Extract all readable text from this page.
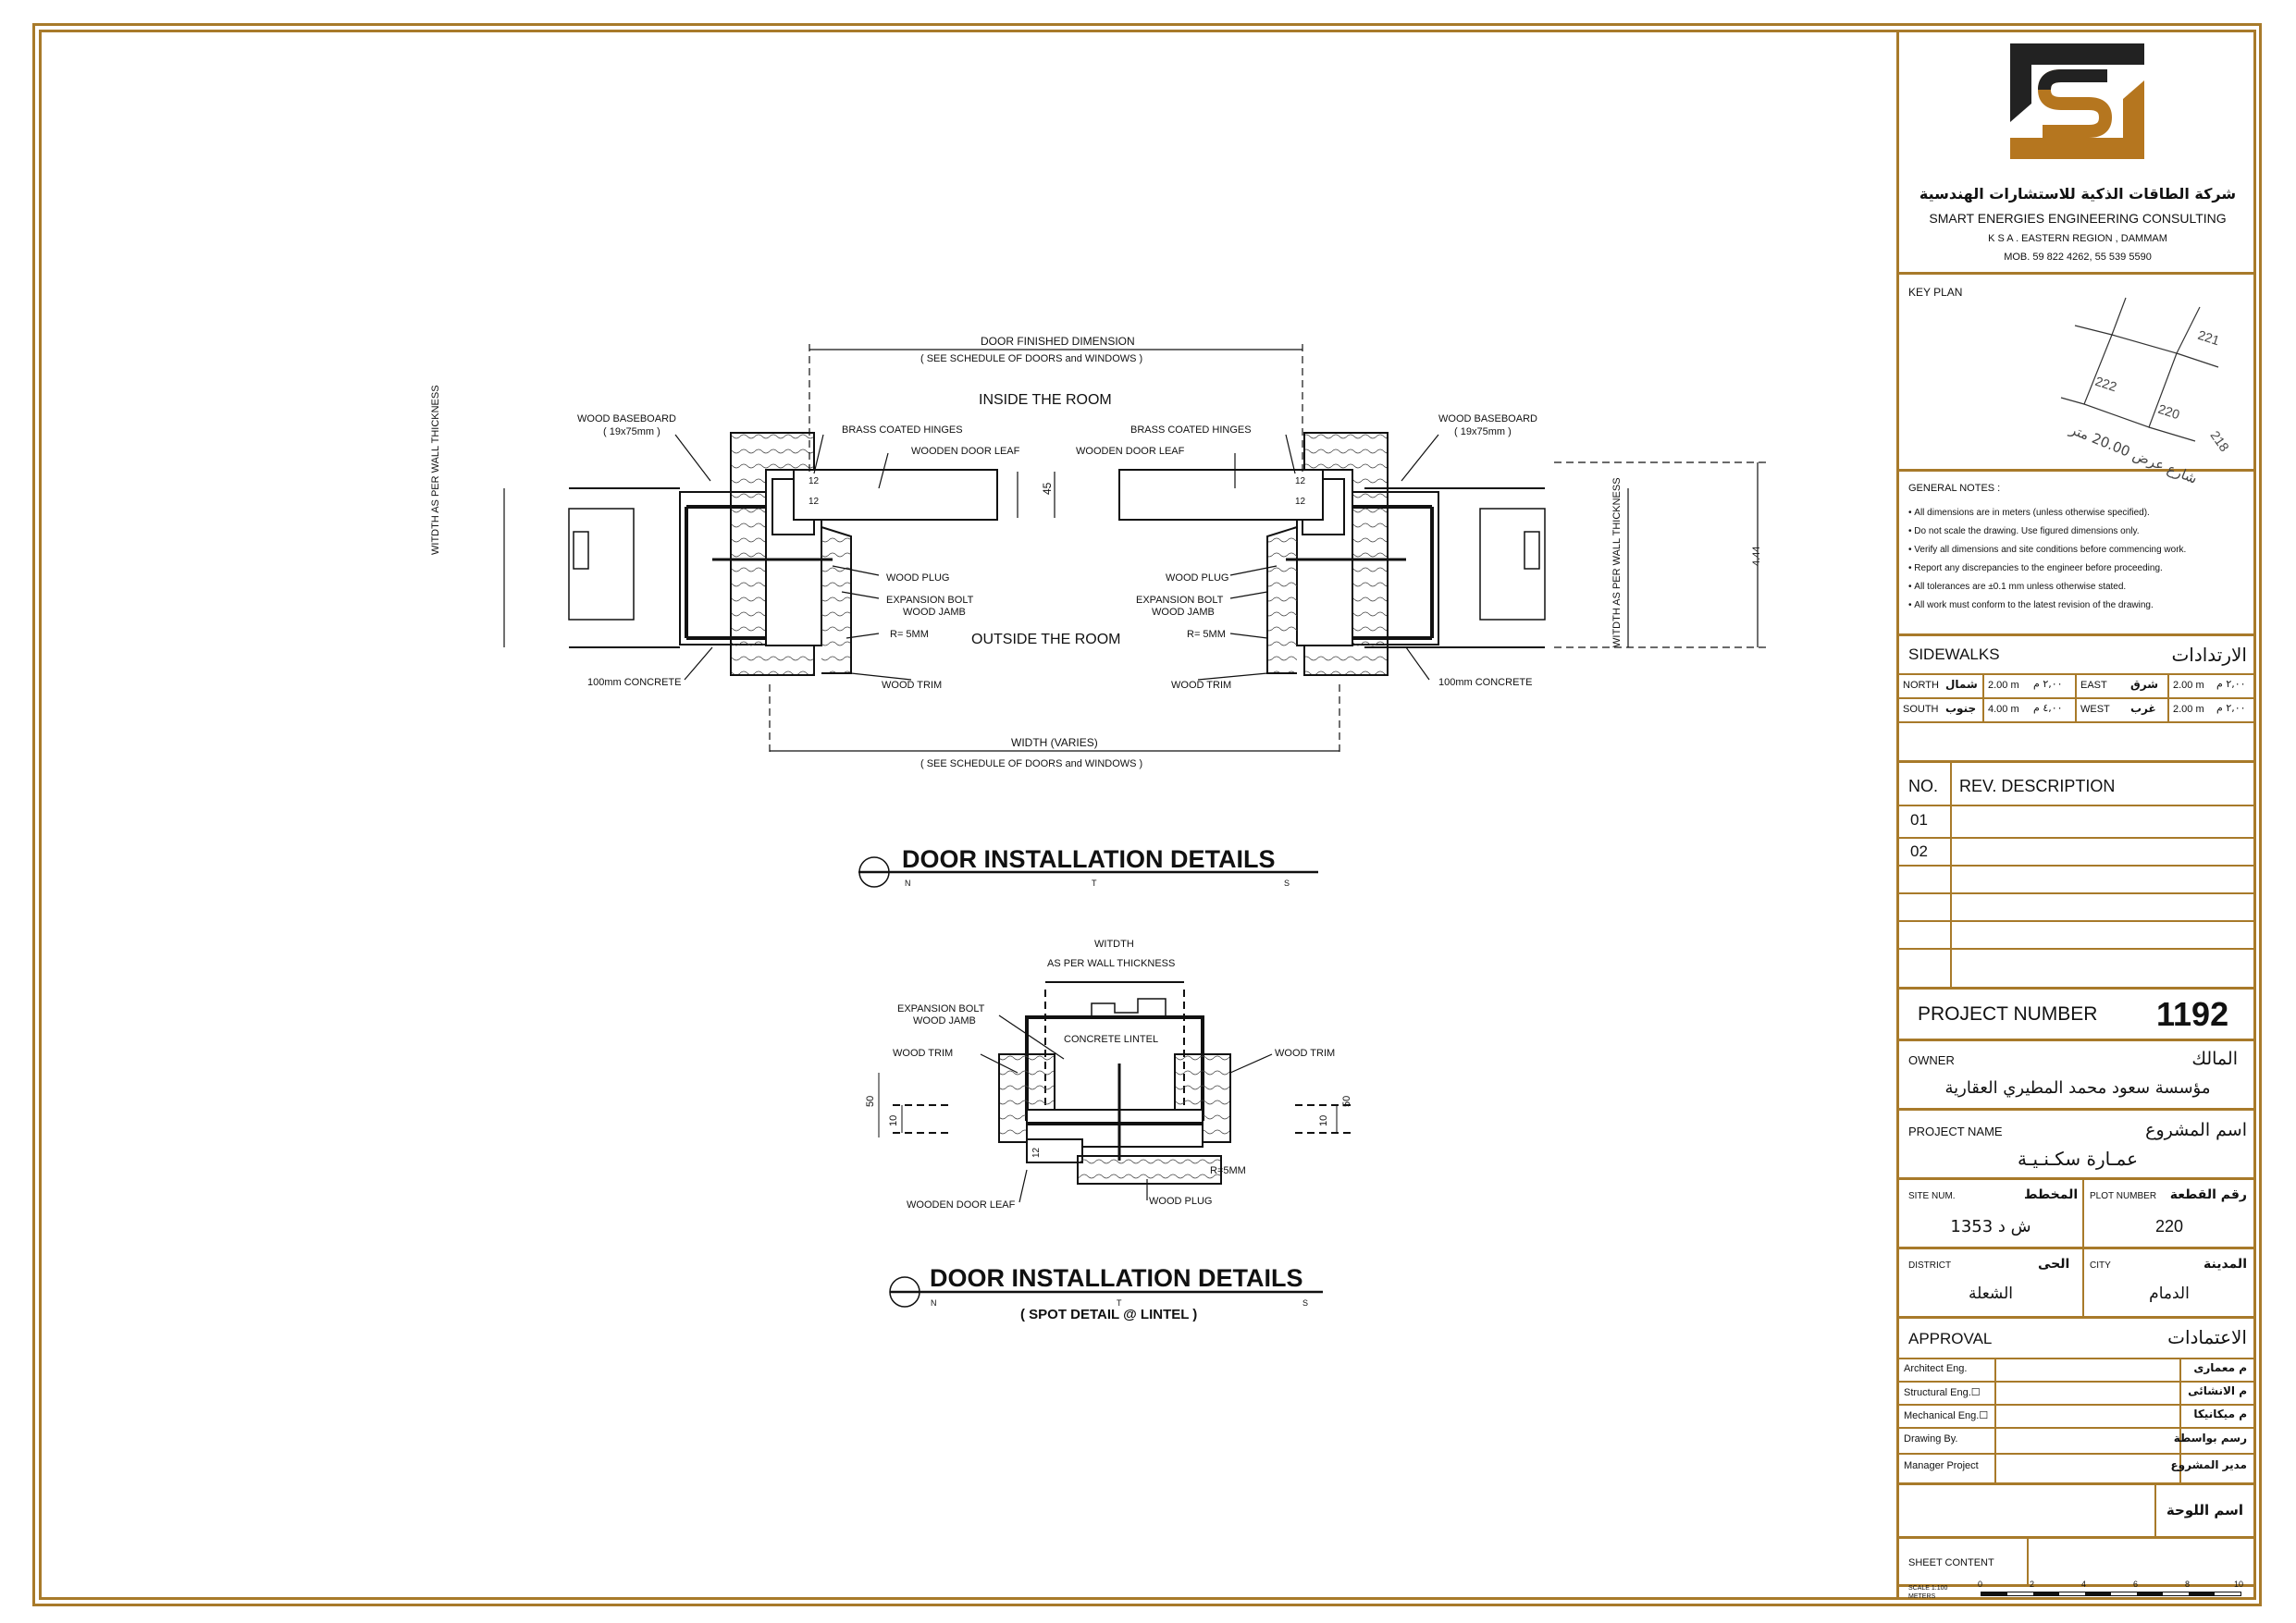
DOOR FINISHED DIMENSION
( SEE SCHEDULE OF DOORS and WINDOWS )
INSIDE THE ROOM
OUTSIDE THE ROOM
WOOD BASEBOARD
( 19x75mm )
WOOD BASEBOARD
( 19x75mm )
BRASS COATED HINGES	BRASS COATED HINGES
WOODEN DOOR LEAF	WOODEN DOOR LEAF
WOOD PLUG	WOOD PLUG
EXPANSION BOLT
WOOD JAMB
EXPANSION BOLT
WOOD JAMB
R= 5MM	R= 5MM
100mm CONCRETE	100mm CONCRETE
WOOD TRIM	WOOD TRIM
WITDTH AS PER WALL THICKNESS
WITDTH AS PER WALL THICKNESS
45
12
12
12
12
4.44
WIDTH (VARIES)
( SEE SCHEDULE OF DOORS and WINDOWS )
DOOR INSTALLATION DETAILS
N	T	S
WITDTH
AS PER WALL THICKNESS
EXPANSION BOLT
WOOD JAMB
WOOD TRIM	WOOD TRIM
CONCRETE LINTEL
50
10
50
10
12
R=5MM
WOODEN DOOR LEAF	WOOD PLUG
DOOR INSTALLATION DETAILS
N	T	S
( SPOT DETAIL @ LINTEL )
شركة الطاقات الذكية للاستشارات الهندسية
SMART ENERGIES ENGINEERING CONSULTING
K S A . EASTERN REGION , DAMMAM
MOB. 59 822 4262, 55 539 5590
KEY PLAN
221
222
220
218
شارع عرض 20.00 متر
GENERAL NOTES :
• All dimensions are in meters (unless otherwise specified).
• Do not scale the drawing. Use figured dimensions only.
• Verify all dimensions and site conditions before commencing work.
• Report any discrepancies to the engineer before proceeding.
• All tolerances are ±0.1 mm unless otherwise stated.
• All work must conform to the latest revision of the drawing.
SIDEWALKS	الارتدادات
NORTH شمال 2.00 m ٢,٠٠ م EAST شرق 2.00 m ٢,٠٠ م
SOUTH جنوب 4.00 m ٤,٠٠ م WEST غرب 2.00 m ٢,٠٠ م
NO. REV. DESCRIPTION
01
02
PROJECT NUMBER 1192
OWNER	المالك
مؤسسة سعود محمد المطيري العقارية
PROJECT NAME	اسم المشروع
عمـارة سكـنـيـة
SITE NUM.	المخطط
ش د 1353
PLOT NUMBER رقم القطعة
220
DISTRICT	الحى
الشعلة
CITY	المدينة
الدمام
APPROVAL	الاعتمادات
Architect Eng.	م معمارى
Structural Eng.☐	م الانشائى
Mechanical Eng.☐	م ميكانيكا
Drawing By.	رسم بواسطة
Manager Project	مدير المشروع
اسم اللوحة
SHEET CONTENT
SCALE 1:100
METERS
0	2	4	6	8	10
